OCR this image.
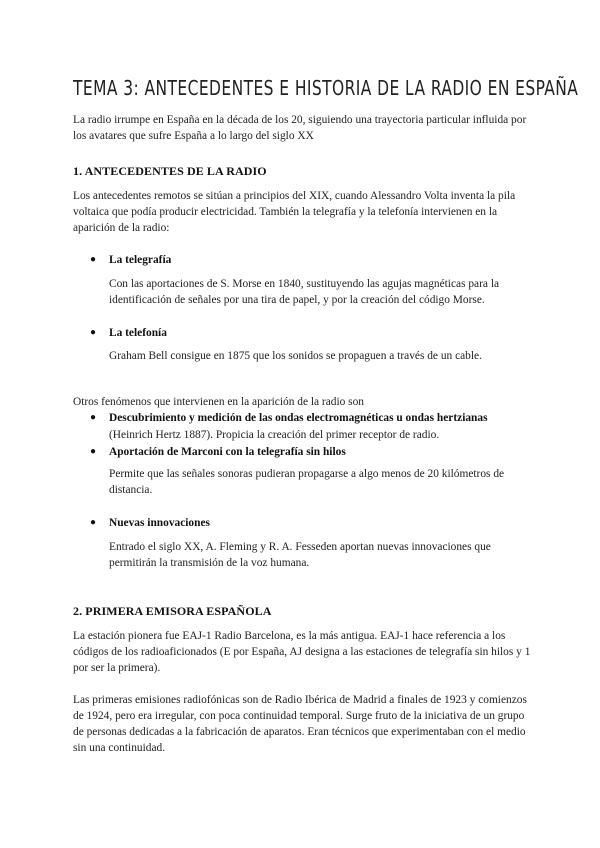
TEMA 3: ANTECEDENTES E HISTORIA DE LA RADIO EN ESPAÑA
La radio irrumpe en España en la década de los 20, siguiendo una trayectoria particular influida por los avatares que sufre España a lo largo del siglo XX
1. ANTECEDENTES DE LA RADIO
Los antecedentes remotos se sitúan a principios del XIX, cuando Alessandro Volta inventa la pila voltaica que podía producir electricidad. También la telegrafía y la telefonía intervienen en la aparición de la radio:
● La telegrafía
Con las aportaciones de S. Morse en 1840, sustituyendo las agujas magnéticas para la identificación de señales por una tira de papel, y por la creación del código Morse.
● La telefonía
Graham Bell consigue en 1875 que los sonidos se propaguen a través de un cable.
Otros fenómenos que intervienen en la aparición de la radio son
● Descubrimiento y medición de las ondas electromagnéticas u ondas hertzianas
(Heinrich Hertz 1887). Propicia la creación del primer receptor de radio.
● Aportación de Marconi con la telegrafía sin hilos
Permite que las señales sonoras pudieran propagarse a algo menos de 20 kilómetros de distancia.
● Nuevas innovaciones
Entrado el siglo XX, A. Fleming y R. A. Fesseden aportan nuevas innovaciones que permitirán la transmisión de la voz humana.
2. PRIMERA EMISORA ESPAÑOLA
La estación pionera fue EAJ-1 Radio Barcelona, es la más antigua. EAJ-1 hace referencia a los códigos de los radioaficionados (E por España, AJ designa a las estaciones de telegrafía sin hilos y 1 por ser la primera).
Las primeras emisiones radiofónicas son de Radio Ibérica de Madrid a finales de 1923 y comienzos de 1924, pero era irregular, con poca continuidad temporal. Surge fruto de la iniciativa de un grupo de personas dedicadas a la fabricación de aparatos. Eran técnicos que experimentaban con el medio sin una continuidad.
